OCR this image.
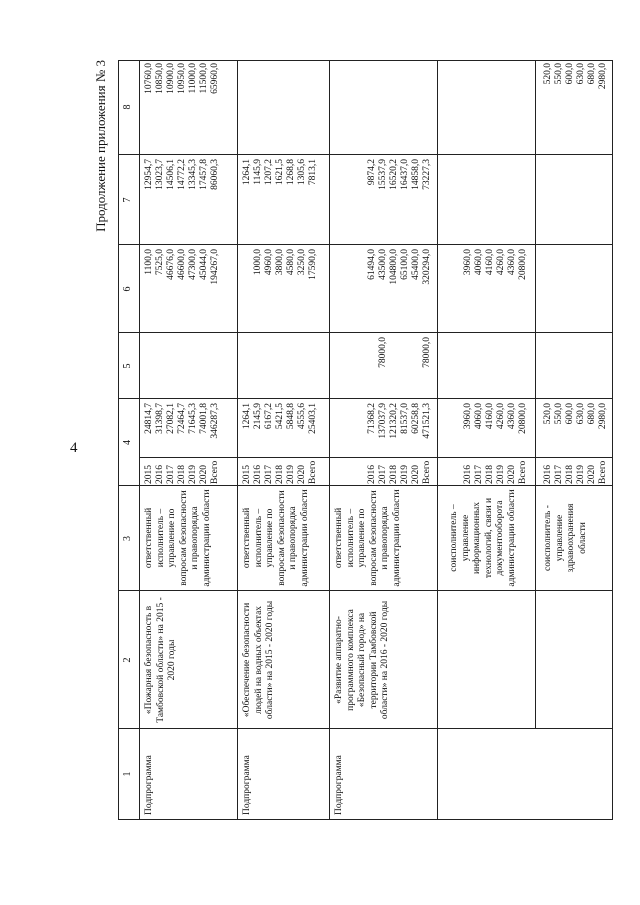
4
Продолжение приложения № 3
1
2
3
4
5
6
7
8
Подпрограмма
«Пожарная безопасность в Тамбовской области» на 2015 - 2020 годы
ответственный исполнитель – управление по вопросам безопасности и правопорядка администрации области
2015
2016
2017
2018
2019
2020
Всего
24814,7
31398,7
27082,1
72464,7
71645,3
74001,8
346287,3
1100,0
7525,0
46676,0
46600,0
47300,0
45044,0
194267,0
12954,7
13023,7
14506,1
14772,2
13345,3
17457,8
86060,3
10760,0
10850,0
10900,0
10950,0
11000,0
11500,0
65960,0
Подпрограмма
«Обеспечение безопасности людей на водных объектах области» на 2015 - 2020 годы
ответственный исполнитель – управление по вопросам безопасности и правопорядка администрации области
2015
2016
2017
2018
2019
2020
Всего
1264,1
2145,9
6167,2
5421,5
5848,8
4555,6
25403,1

1000,0
4960,0
3800,0
4580,0
3250,0
17590,0
1264,1
1145,9
1207,2
1621,5
1268,8
1305,6
7813,1
Подпрограмма
«Развитие аппаратно-программного комплекса «Безопасный город» на территории Тамбовской области» на 2016 - 2020 годы
ответственный исполнитель – управление по вопросам безопасности и правопорядка администрации области
2016
2017
2018
2019
2020
Всего
71368,2
137037,9
121320,2
81537,0
60258,8
471521,3

78000,0

78000,0
61494,0
43500,0
104800,0
65100,0
45400,0
320294,0
9874,2
15537,9
16520,2
16437,0
14858,0
73227,3
соисполнитель – управление информационных технологий, связи и документооборота администрации области
2016
2017
2018
2019
2020
Всего
3960,0
4060,0
4160,0
4260,0
4360,0
20800,0
3960,0
4060,0
4160,0
4260,0
4360,0
20800,0
соисполнитель - управление здравоохранения области
2016
2017
2018
2019
2020
Всего
520,0
550,0
600,0
630,0
680,0
2980,0
520,0
550,0
600,0
630,0
680,0
2980,0
